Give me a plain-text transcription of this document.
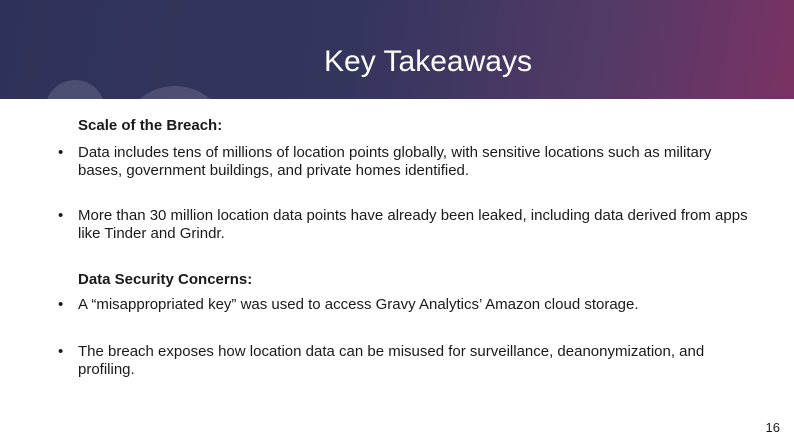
Key Takeaways

Scale of the Breach:

• Data includes tens of millions of location points globally, with sensitive locations such as military bases, government buildings, and private homes identified.
• More than 30 million location data points have already been leaked, including data derived from apps like Tinder and Grindr.

Data Security Concerns:

• A “misappropriated key” was used to access Gravy Analytics’ Amazon cloud storage.
• The breach exposes how location data can be misused for surveillance, deanonymization, and profiling.
16
